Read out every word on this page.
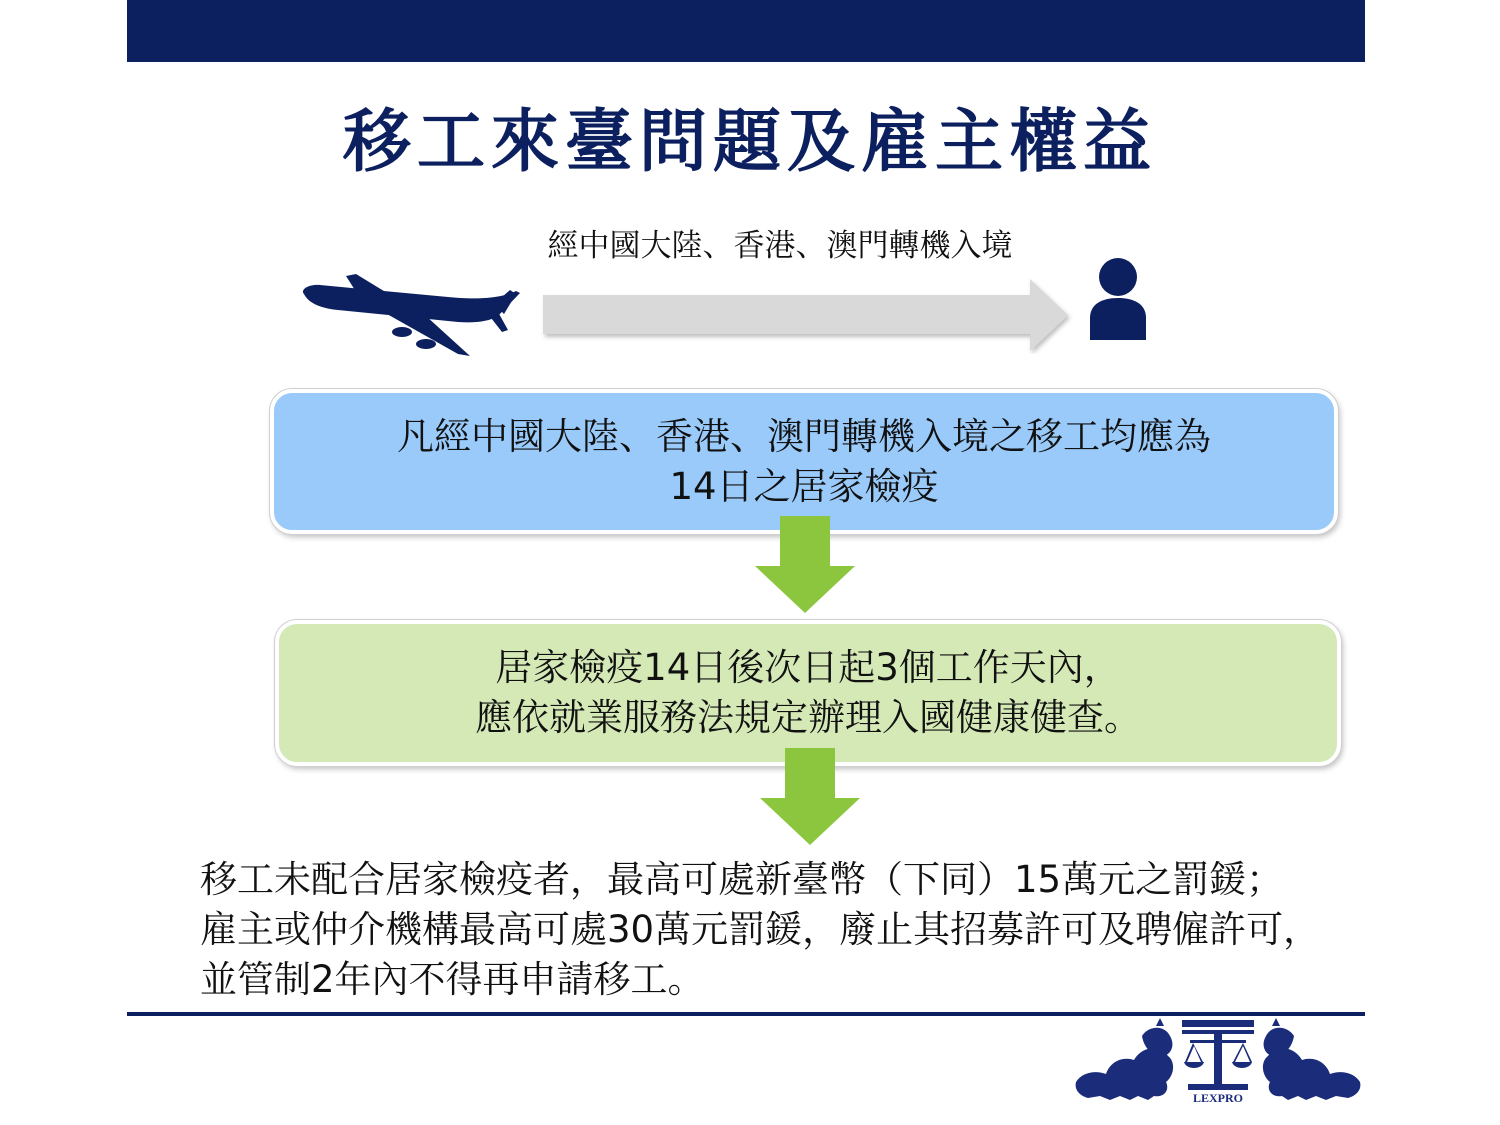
移工來臺問題及雇主權益
經中國大陸、香港、澳門轉機入境
凡經中國大陸、香港、澳門轉機入境之移工均應為
14日之居家檢疫
居家檢疫14日後次日起3個工作天內，
應依就業服務法規定辦理入國健康健查。
移工未配合居家檢疫者，最高可處新臺幣（下同）15萬元之罰鍰；
雇主或仲介機構最高可處30萬元罰鍰，廢止其招募許可及聘僱許可，
並管制2年內不得再申請移工。
LEXPRO
